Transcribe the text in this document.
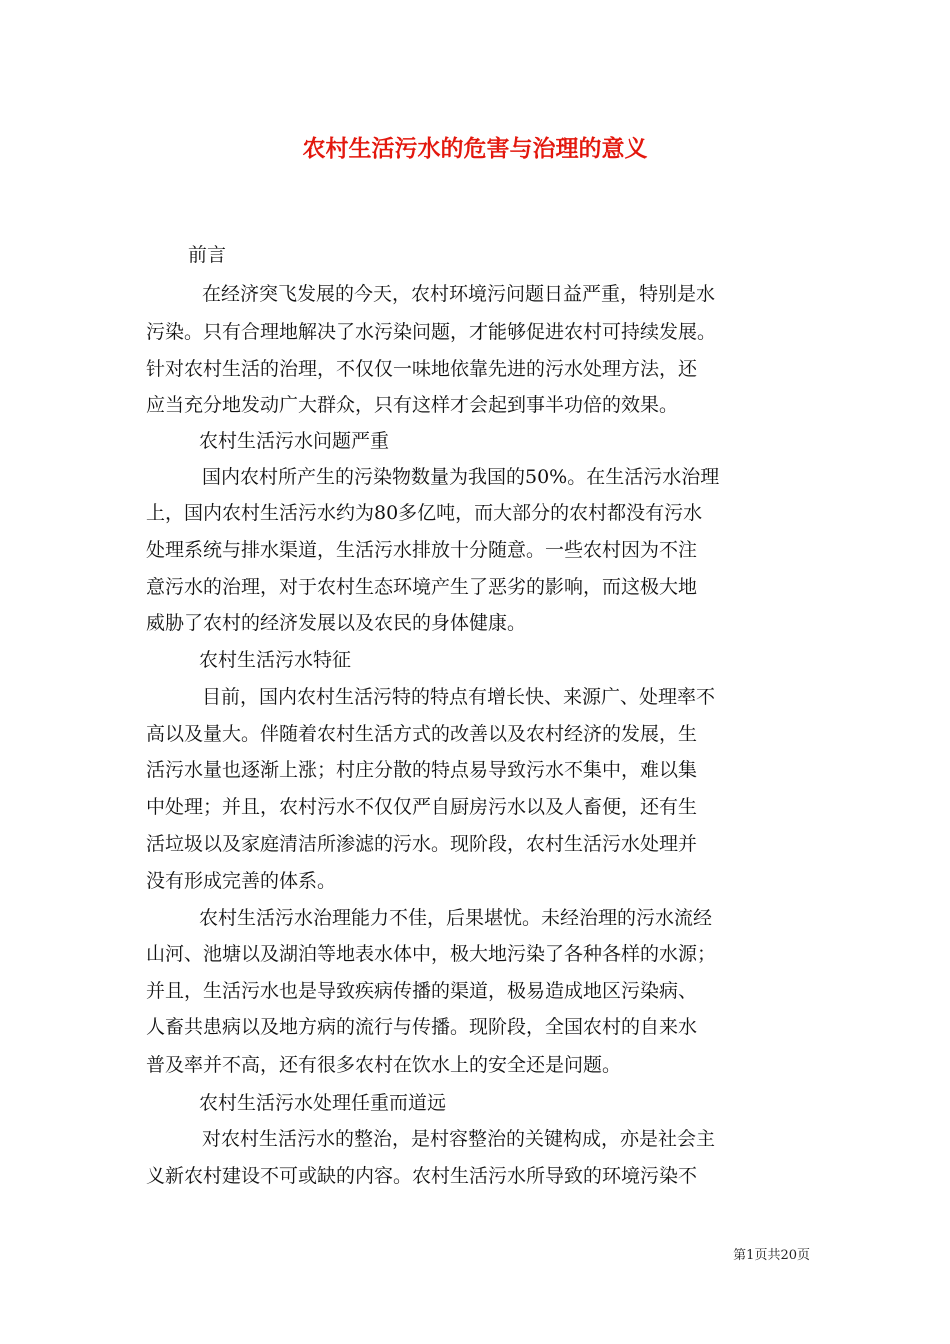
农村生活污水的危害与治理的意义
前言
在经济突飞发展的今天，农村环境污问题日益严重，特别是水
污染。只有合理地解决了水污染问题，才能够促进农村可持续发展。
针对农村生活的治理，不仅仅一味地依靠先进的污水处理方法，还
应当充分地发动广大群众，只有这样才会起到事半功倍的效果。
农村生活污水问题严重
国内农村所产生的污染物数量为我国的50%。在生活污水治理
上，国内农村生活污水约为80多亿吨，而大部分的农村都没有污水
处理系统与排水渠道，生活污水排放十分随意。一些农村因为不注
意污水的治理，对于农村生态环境产生了恶劣的影响，而这极大地
威胁了农村的经济发展以及农民的身体健康。
农村生活污水特征
目前，国内农村生活污特的特点有增长快、来源广、处理率不
高以及量大。伴随着农村生活方式的改善以及农村经济的发展，生
活污水量也逐渐上涨；村庄分散的特点易导致污水不集中，难以集
中处理；并且，农村污水不仅仅严自厨房污水以及人畜便，还有生
活垃圾以及家庭清洁所渗滤的污水。现阶段，农村生活污水处理并
没有形成完善的体系。
农村生活污水治理能力不佳，后果堪忧。未经治理的污水流经
山河、池塘以及湖泊等地表水体中，极大地污染了各种各样的水源；
并且，生活污水也是导致疾病传播的渠道，极易造成地区污染病、
人畜共患病以及地方病的流行与传播。现阶段，全国农村的自来水
普及率并不高，还有很多农村在饮水上的安全还是问题。
农村生活污水处理任重而道远
对农村生活污水的整治，是村容整治的关键构成，亦是社会主
义新农村建设不可或缺的内容。农村生活污水所导致的环境污染不
第1页共20页
